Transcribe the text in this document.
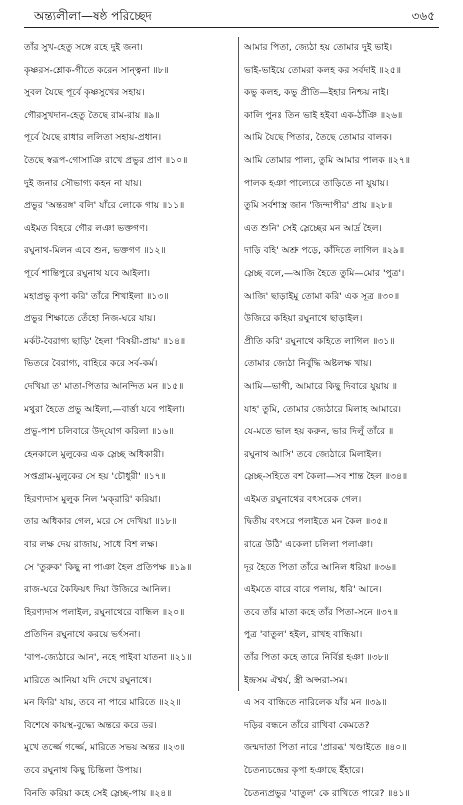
অন্ত্যলীলা—ষষ্ঠ পরিচ্ছেদ	৩৬৫
তাঁর সুখ-হেতু সঙ্গে রহে দুই জনা।
কৃষ্ণরস-শ্লোক-গীতে করেন সান্ত্বনা ॥৮॥
সুবল যৈছে পূর্বে কৃষ্ণসুখের সহায়।
গৌরসুখদান-হেতু তৈছে রাম-রায় ॥৯॥
পূর্বে যৈছে রাধার ললিতা সহায়-প্রধান।
তৈছে স্বরূপ-গোসাঞি রাখে প্রভুর প্রাণ ॥১০॥
দুই জনার সৌভাগ্য কহন না যায়।
প্রভুর 'অন্তরঙ্গ' বলি' যাঁরে লোকে গায় ॥১১॥
এইমত বিহরে গৌর লঞা ভক্তগণ।
রঘুনাথ-মিলন এবে শুন, ভক্তগণ ॥১২॥
পূর্বে শান্তিপুরে রঘুনাথ যবে আইলা।
মহাপ্রভু কৃপা করি' তাঁরে শিখাইলা ॥১৩॥
প্রভুর শিক্ষাতে তেঁহো নিজ-ঘরে যায়।
মর্কট-বৈরাগ্য ছাড়ি' হৈলা 'বিষয়ী-প্রায়' ॥১৪॥
ভিতরে বৈরাগ্য, বাহিরে করে সর্ব-কর্ম।
দেখিয়া ত' মাতা-পিতার আনন্দিত মন ॥১৫॥
মথুরা হৈতে প্রভু আইলা,—বার্ত্তা যবে পাইলা।
প্রভু-পাশ চলিবারে উদ্‌যোগ করিলা ॥১৬॥
হেনকালে মুলুকের এক স্লেচ্ছ অধিকারী।
সপ্তগ্রাম-মুলুকের সে হয় 'চৌধুরী' ॥১৭॥
হিরণ্যদাস মুলুক নিল 'মক্‌রারি' করিয়া।
তার অধিকার গেল, মরে সে দেখিয়া ॥১৮॥
বার লক্ষ দেয় রাজায়, সাধে বিশ লক্ষ।
সে 'তুরুক' কিছু না পাঞা হৈল প্রতিপক্ষ ॥১৯॥
রাজ-ঘরে কৈফিয়ৎ দিয়া উজিরে আনিল।
হিরণ্যদাস পলাইল, রঘুনাথেরে বান্ধিল ॥২০॥
প্রতিদিন রঘুনাথে করয়ে ভর্ৎসনা।
'বাপ-জ্যেঠারে আন', নহে পাইবা যাতনা ॥২১॥
মারিতে আনিয়া যদি দেখে রঘুনাথে।
মন ফিরি' যায়, তবে না পারে মারিতে ॥২২॥
বিশেষে কায়স্থ-বুদ্ধ্যে অন্তরে করে ডর।
মুখে তর্জ্জে গর্জ্জে, মারিতে সভয় অন্তর ॥২৩॥
তবে রঘুনাথ কিছু চিন্তিলা উপায়।
বিনতি করিয়া কহে সেই স্লেচ্ছ-পায় ॥২৪॥
আমার পিতা, জ্যেঠা হয় তোমার দুই ভাই।
ভাই-ভাইয়ে তোমরা কলহ কর সর্বদাই ॥২৫॥
কভু কলহ, কভু প্রীতি—ইহার নিশ্চয় নাই।
কালি পুনঃ তিন ভাই হইবা এক-ঠাঁঞি ॥২৬॥
আমি যৈছে পিতার, তৈছে তোমার বালক।
আমি তোমার পাল্য, তুমি আমার পালক ॥২৭॥
পালক হঞা পাল্যেরে তাড়িতে না যুয়ায়।
তুমি সর্বশাস্ত্র জান 'জিন্দাপীর' প্রায় ॥২৮॥
এত শুনি' সেই স্লেচ্ছের মন আর্দ্র হৈল।
দাড়ি বহি' অশ্রু পড়ে, কাঁদিতে লাগিল ॥২৯॥
স্লেচ্ছ বলে,—আজি হৈতে তুমি—মোর 'পুত্র'।
আজি' ছাড়াইমু তোমা করি' এক সূত্র ॥৩০॥
উজিরে কহিয়া রঘুনাথে ছাড়াইল।
প্রীতি করি' রঘুনাথে কহিতে লাগিল ॥৩১॥
তোমার জ্যেঠা নির্বুদ্ধি অষ্টলক্ষ খায়।
আমি—ভাগী, আমারে কিছু দিবারে যুয়ায় ॥
যাহ' তুমি, তোমার জ্যেঠারে মিলাহ আমারে।
যে-মতে ভাল হয় করুন, ভার দিলুঁ তাঁরে ॥
রঘুনাথ আসি' তবে জ্যেঠারে মিলাইল।
স্লেচ্ছ-সহিতে বশ কৈলা—সব শান্ত হৈল ॥৩৪॥
এইমত রঘুনাথের বৎসরেক গেল।
দ্বিতীয় বৎসরে পলাইতে মন কৈল ॥৩৫॥
রাত্রে উঠি' একেলা চলিলা পলাঞা।
দূর হৈতে পিতা তাঁরে আনিল ধরিয়া ॥৩৬॥
এইমতে বারে বারে পলায়, ধরি' আনে।
তবে তাঁর মাতা কহে তাঁর পিতা-সনে ॥৩৭॥
পুত্র 'বাতুল' হইল, রাখহ বান্ধিয়া।
তাঁর পিতা কহে তারে নির্বিণ্ণ হঞা ॥৩৮॥
ইন্দ্রসম ঐশ্বর্য, স্ত্রী অপ্সরা-সম।
এ সব বান্ধিতে নারিলেক যাঁর মন ॥৩৯॥
দড়ির বন্ধনে তাঁরে রাখিবা কেমতে?
জন্মদাতা পিতা নারে 'প্রারব্ধ' খণ্ডাইতে ॥৪০॥
চৈতন্যচন্দ্রের কৃপা হঞাছে ইঁহারে।
চৈতন্যপ্রভুর 'বাতুল' কে রাখিতে পারে? ॥৪১॥
